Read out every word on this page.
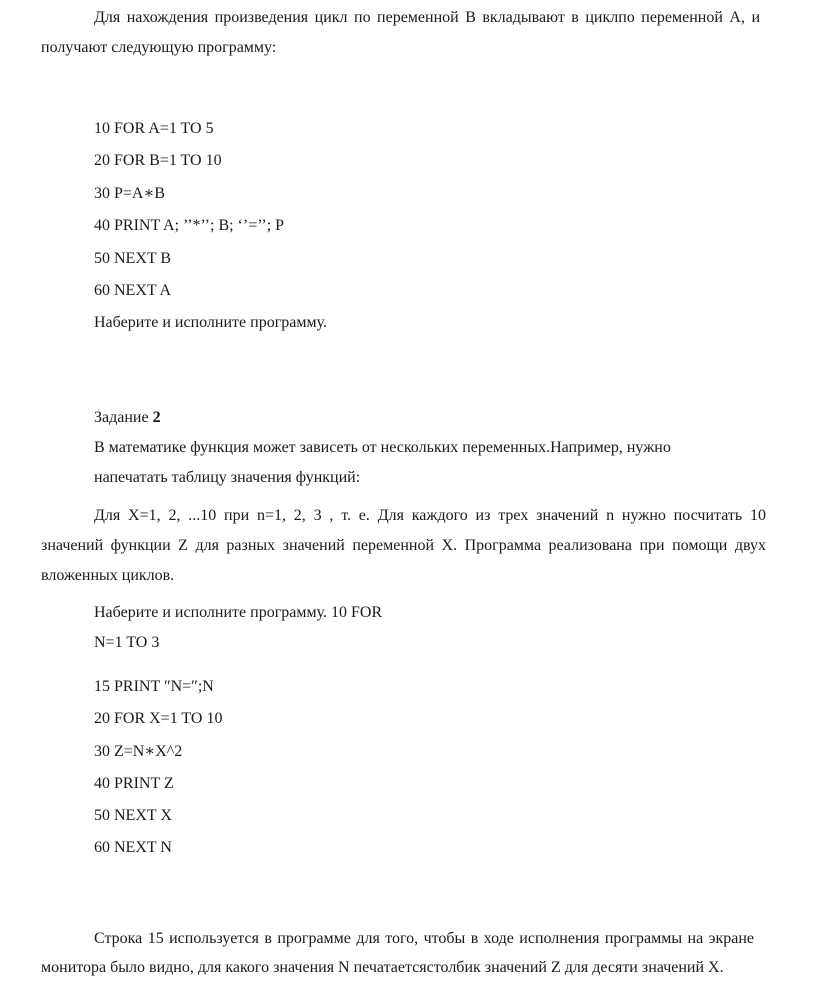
Для нахождения произведения цикл по переменной B вкладывают в циклпо переменной A, и
получают следующую программу:
10 FOR A=1 TO 5
20 FOR B=1 TO 10
30 P=A∗B
40 PRINT A; ’’*’’; B; ‘’=’’; P
50 NEXT B
60 NEXT A
Наберите и исполните программу.
Задание 2
В математике функция может зависеть от нескольких переменных.Например, нужно
напечатать таблицу значения функций:
Для X=1, 2, ...10 при n=1, 2, 3 , т. е. Для каждого из трех значений n нужно посчитать 10
значений функции Z для разных значений переменной X. Программа реализована при помощи двух
вложенных циклов.
Наберите и исполните программу. 10 FOR
N=1 TO 3
15 PRINT ″N=″;N
20 FOR X=1 TO 10
30 Z=N∗X^2
40 PRINT Z
50 NEXT X
60 NEXT N
Строка 15 используется в программе для того, чтобы в ходе исполнения программы на экране
монитора было видно, для какого значения N печатаетсястолбик значений Z для десяти значений X.
